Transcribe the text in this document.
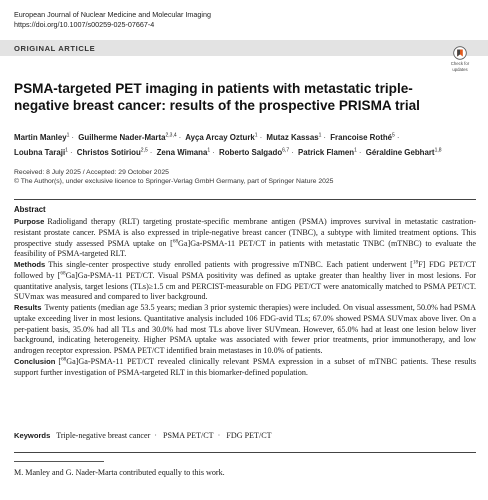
European Journal of Nuclear Medicine and Molecular Imaging
https://doi.org/10.1007/s00259-025-07667-4
ORIGINAL ARTICLE
Check for
updates
PSMA-targeted PET imaging in patients with metastatic triple-negative breast cancer: results of the prospective PRISMA trial
Martin Manley$^1$ · Guilherme Nader-Marta$^{2,3,4}$ · Ayça Arcay Ozturk$^1$ · Mutaz Kassas$^1$ · Francoise Rothé$^5$ ·
Loubna Taraji$^1$ · Christos Sotiriou$^{2,5}$ · Zena Wimana$^1$ · Roberto Salgado$^{6,7}$ · Patrick Flamen$^1$ · Géraldine Gebhart$^{1,8}$
Received: 8 July 2025 / Accepted: 29 October 2025
© The Author(s), under exclusive licence to Springer-Verlag GmbH Germany, part of Springer Nature 2025
Abstract

Purpose Radioligand therapy (RLT) targeting prostate-specific membrane antigen (PSMA) improves survival in metastatic castration-resistant prostate cancer. PSMA is also expressed in triple-negative breast cancer (TNBC), a subtype with limited treatment options. This prospective study assessed PSMA uptake on [$^{68}$Ga]Ga-PSMA-11 PET/CT in patients with metastatic TNBC (mTNBC) to evaluate the feasibility of PSMA-targeted RLT.

Methods This single-center prospective study enrolled patients with progressive mTNBC. Each patient underwent [$^{18}$F] FDG PET/CT followed by [$^{68}$Ga]Ga-PSMA-11 PET/CT. Visual PSMA positivity was defined as uptake greater than healthy liver in most lesions. For quantitative analysis, target lesions (TLs)≥1.5 cm and PERCIST-measurable on FDG PET/CT were anatomically matched to PSMA PET/CT. SUVmax was measured and compared to liver background.

Results Twenty patients (median age 53.5 years; median 3 prior systemic therapies) were included. On visual assessment, 50.0% had PSMA uptake exceeding liver in most lesions. Quantitative analysis included 106 FDG-avid TLs; 67.0% showed PSMA SUVmax above liver. On a per-patient basis, 35.0% had all TLs and 30.0% had most TLs above liver SUVmean. However, 65.0% had at least one lesion below liver background, indicating heterogeneity. Higher PSMA uptake was associated with fewer prior treatments, prior immunotherapy, and low androgen receptor expression. PSMA PET/CT identified brain metastases in 10.0% of patients.

Conclusion [$^{68}$Ga]Ga-PSMA-11 PET/CT revealed clinically relevant PSMA expression in a subset of mTNBC patients. These results support further investigation of PSMA-targeted RLT in this biomarker-defined population.

Keywords Triple-negative breast cancer · PSMA PET/CT · FDG PET/CT
M. Manley and G. Nader-Marta contributed equally to this work.
